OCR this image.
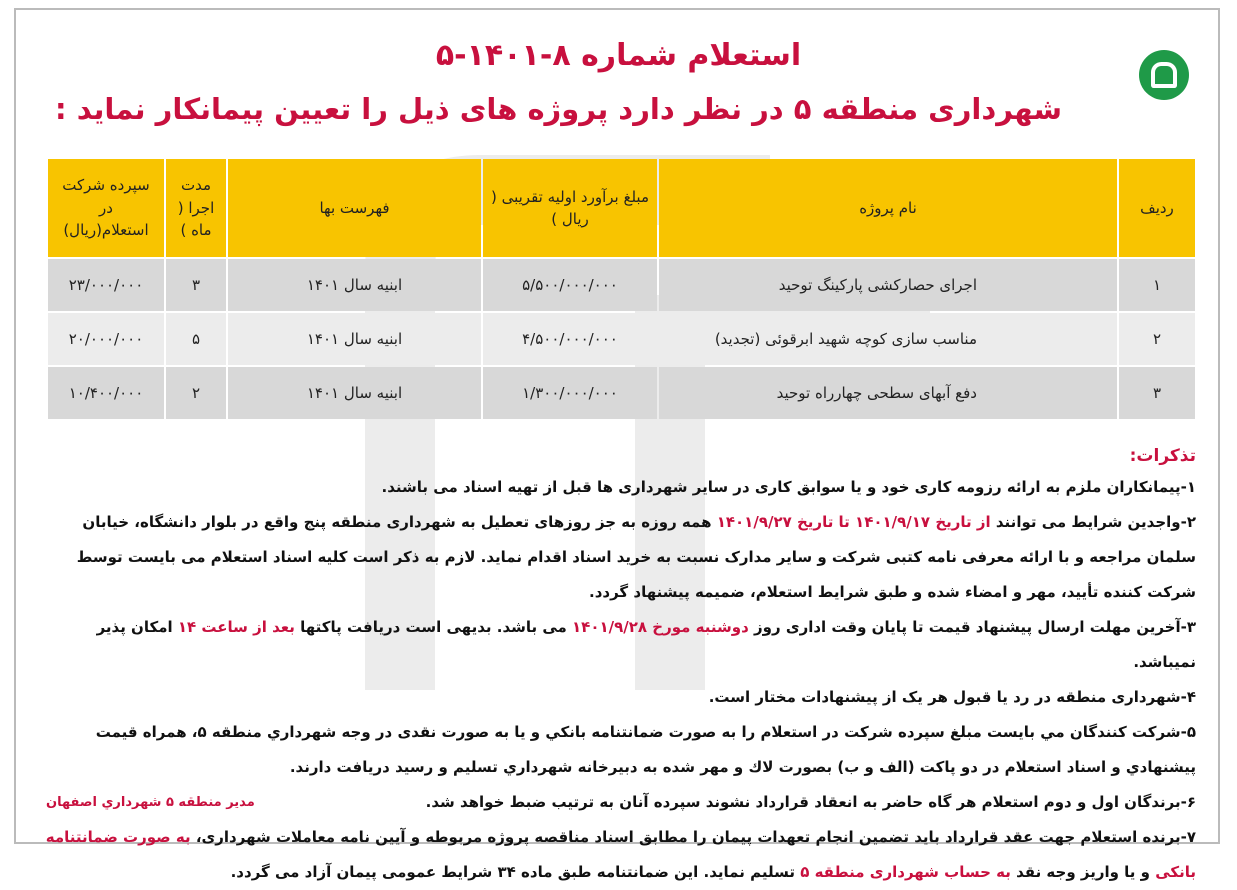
استعلام شماره ۸-۱۴۰۱-۵
شهرداری منطقه ۵ در نظر دارد پروژه های ذیل را تعیین پیمانکار نماید :
ردیف	نام پروژه	مبلغ برآورد اولیه تقریبی ( ریال )	فهرست بها	مدت اجرا ( ماه )	سپرده شرکت در استعلام(ریال)
۱	اجرای حصارکشی پارکینگ توحید	۵/۵۰۰/۰۰۰/۰۰۰	ابنیه سال ۱۴۰۱	۳	۲۳/۰۰۰/۰۰۰
۲	مناسب سازی کوچه شهید ابرقوئی (تجدید)	۴/۵۰۰/۰۰۰/۰۰۰	ابنیه سال ۱۴۰۱	۵	۲۰/۰۰۰/۰۰۰
۳	دفع آبهای سطحی چهارراه توحید	۱/۳۰۰/۰۰۰/۰۰۰	ابنیه سال ۱۴۰۱	۲	۱۰/۴۰۰/۰۰۰
تذکرات:
۱-پیمانکاران ملزم به ارائه رزومه کاری خود و یا سوابق کاری در سایر شهرداری ها قبل از تهیه اسناد می باشند.
۲-واجدین شرایط می توانند از تاریخ ۱۴۰۱/۹/۱۷ تا تاریخ ۱۴۰۱/۹/۲۷ همه روزه به جز روزهای تعطیل به شهرداری منطقه پنج واقع در بلوار دانشگاه، خیابان سلمان مراجعه و با ارائه معرفی نامه کتبی شرکت و سایر مدارک نسبت به خرید اسناد اقدام نماید. لازم به ذکر است کلیه اسناد استعلام می بایست توسط شرکت کننده تأیید، مهر و امضاء شده و طبق شرایط استعلام، ضمیمه پیشنهاد گردد.
۳-آخرین مهلت ارسال پیشنهاد قیمت تا پایان وقت اداری روز دوشنبه مورخ ۱۴۰۱/۹/۲۸ می باشد. بدیهی است دریافت پاکتها بعد از ساعت ۱۴ امکان پذیر نمیباشد.
۴-شهرداری منطقه در رد یا قبول هر یک از پیشنهادات مختار است.
۵-شرکت کنندگان مي بایست مبلغ سپرده شرکت در استعلام را به صورت ضمانتنامه بانکي و یا به صورت نقدی در وجه شهرداري منطقه ۵، همراه قیمت پیشنهادي و اسناد استعلام در دو پاکت (الف و ب) بصورت لاك و مهر شده به دبیرخانه شهرداري تسلیم و رسید دریافت دارند.
۶-برندگان اول و دوم استعلام هر گاه حاضر به انعقاد قرارداد نشوند سپرده آنان به ترتیب ضبط خواهد شد.
۷-برنده استعلام جهت عقد قرارداد باید تضمین انجام تعهدات پیمان را مطابق اسناد مناقصه پروژه مربوطه و آیین نامه معاملات شهرداری، به صورت ضمانتنامه بانکی و یا واریز وجه نقد به حساب شهرداری منطقه ۵ تسلیم نماید. این ضمانتنامه طبق ماده ۳۴ شرایط عمومی پیمان آزاد می گردد.
مدیر منطقه ۵ شهرداري اصفهان
